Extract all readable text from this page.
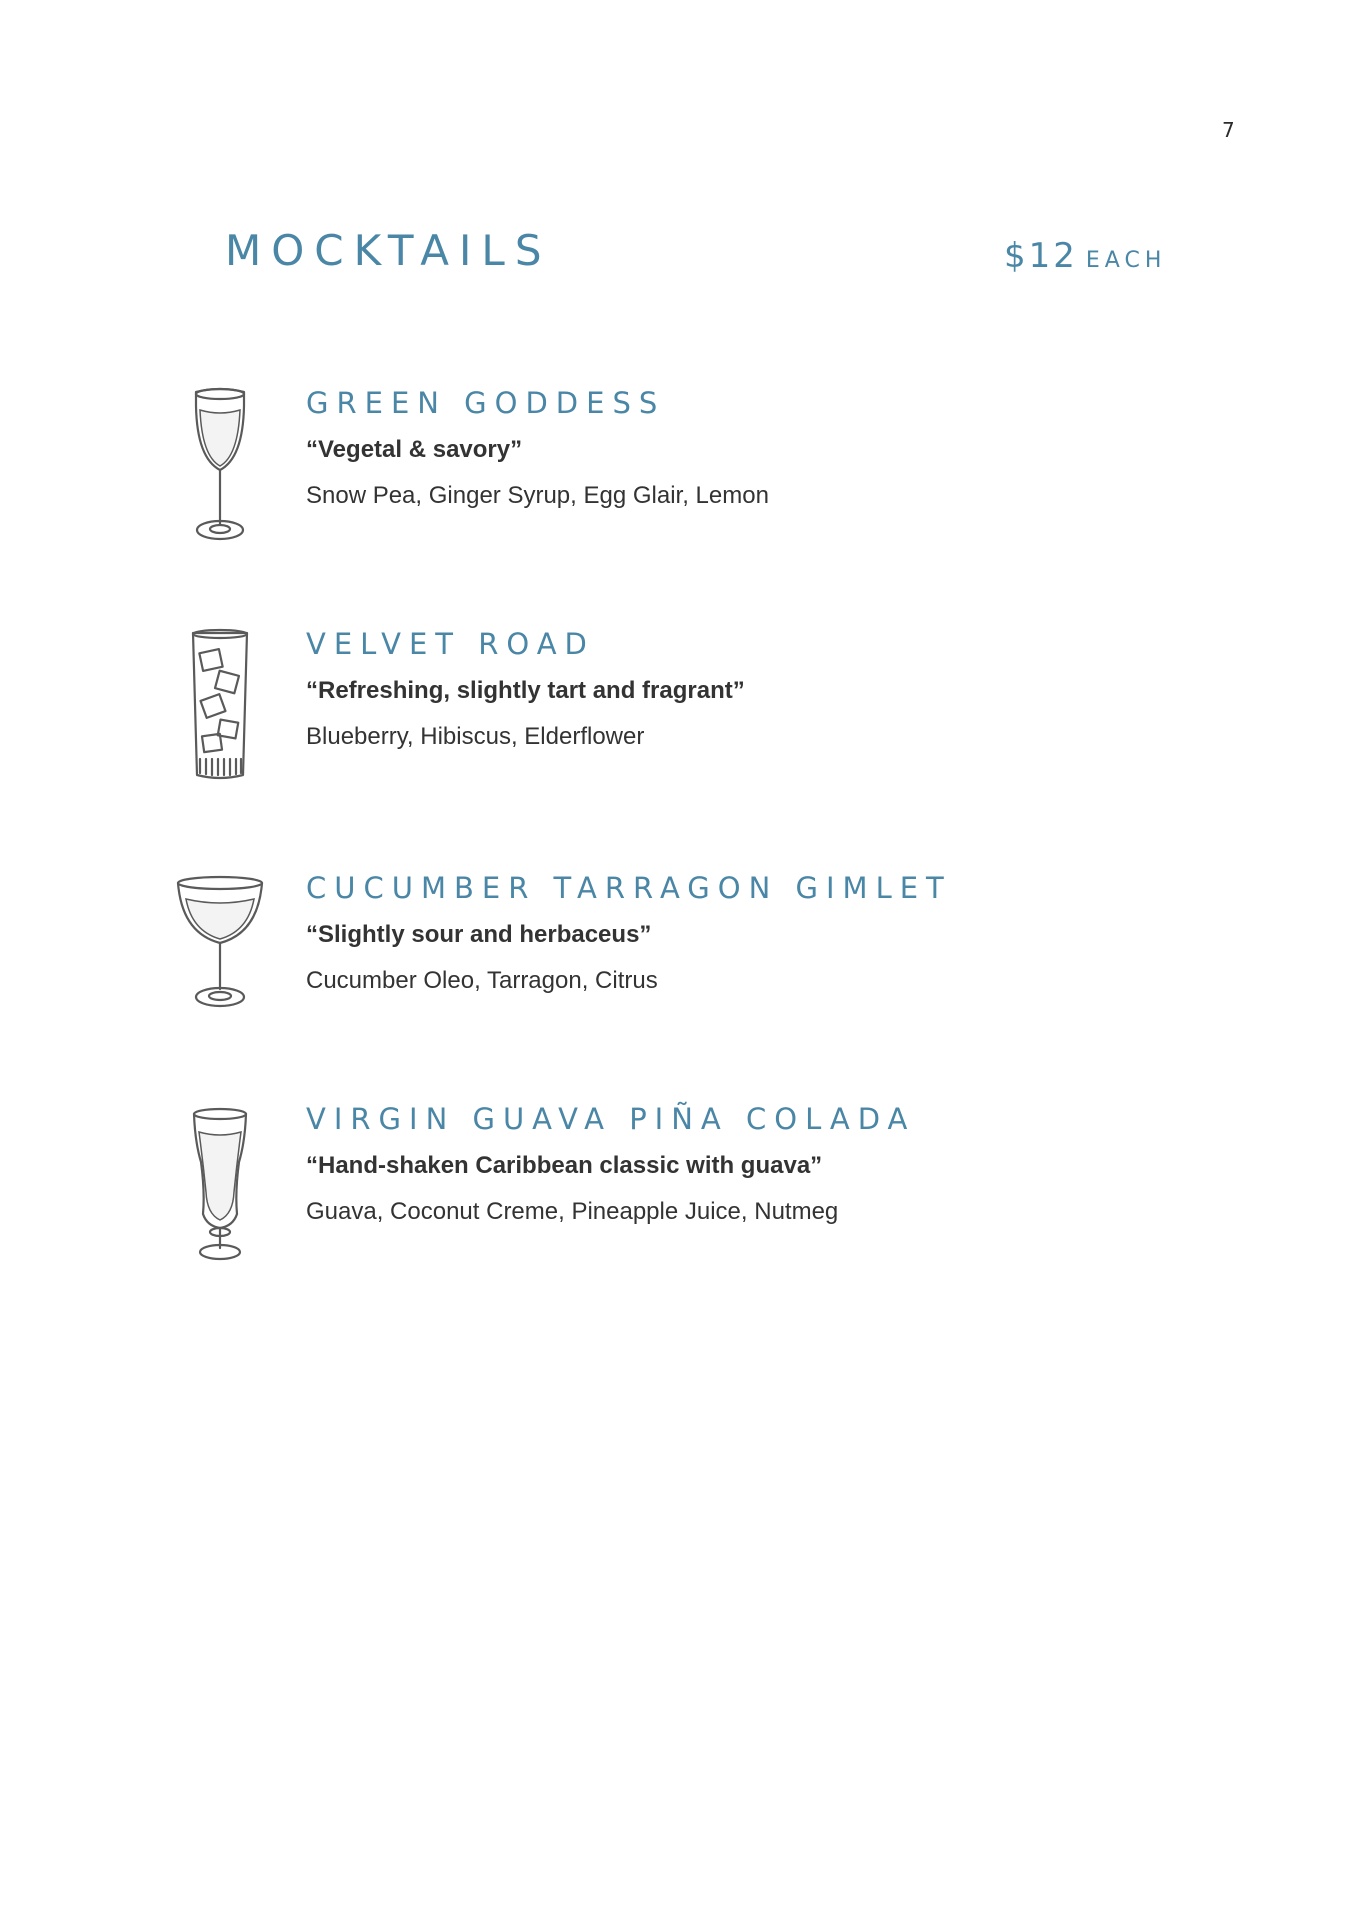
7
MOCKTAILS	$12 EACH
GREEN GODDESS
“Vegetal & savory”
Snow Pea, Ginger Syrup, Egg Glair, Lemon
VELVET ROAD
“Refreshing, slightly tart and fragrant”
Blueberry, Hibiscus, Elderflower
CUCUMBER TARRAGON GIMLET
“Slightly sour and herbaceus”
Cucumber Oleo, Tarragon, Citrus
VIRGIN GUAVA PIÑA COLADA
“Hand-shaken Caribbean classic with guava”
Guava, Coconut Creme, Pineapple Juice, Nutmeg
